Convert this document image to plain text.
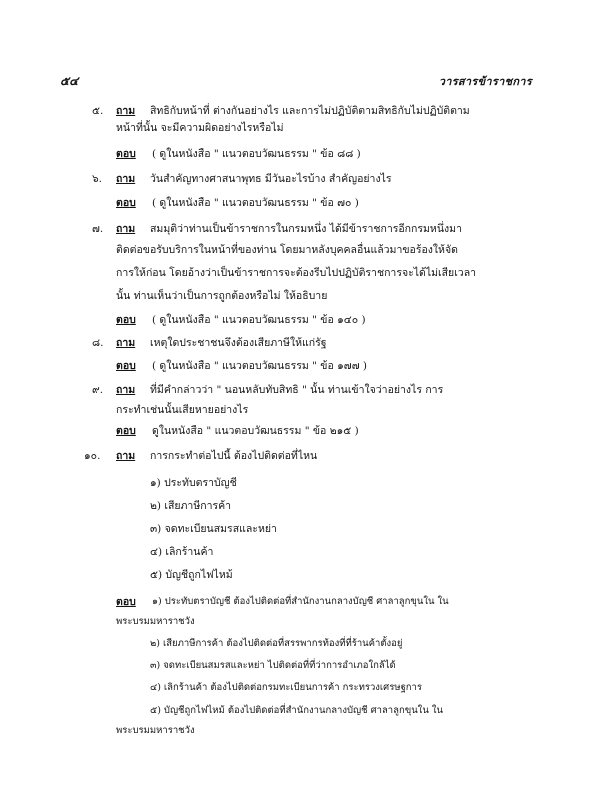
๕๔	วารสารข้าราชการ
๕. ถาม สิทธิกับหน้าที่ ต่างกันอย่างไร และการไม่ปฏิบัติตามสิทธิกับไม่ปฏิบัติตาม
หน้าที่นั้น จะมีความผิดอย่างไรหรือไม่
ตอบ ( ดูในหนังสือ " แนวตอบวัฒนธรรม " ข้อ ๘๘ )
๖. ถาม วันสำคัญทางศาสนาพุทธ มีวันอะไรบ้าง สำคัญอย่างไร
ตอบ ( ดูในหนังสือ " แนวตอบวัฒนธรรม " ข้อ ๗๐ )
๗. ถาม สมมุติว่าท่านเป็นข้าราชการในกรมหนึ่ง ได้มีข้าราชการอีกกรมหนึ่งมา
ติดต่อขอรับบริการในหน้าที่ของท่าน โดยมาหลังบุคคลอื่นแล้วมาขอร้องให้จัด
การให้ก่อน โดยอ้างว่าเป็นข้าราชการจะต้องรีบไปปฏิบัติราชการจะได้ไม่เสียเวลา
นั้น ท่านเห็นว่าเป็นการถูกต้องหรือไม่ ให้อธิบาย
ตอบ ( ดูในหนังสือ " แนวตอบวัฒนธรรม " ข้อ ๑๔๐ )
๘. ถาม เหตุใดประชาชนจึงต้องเสียภาษีให้แก่รัฐ
ตอบ ( ดูในหนังสือ " แนวตอบวัฒนธรรม " ข้อ ๑๗๗ )
๙. ถาม ที่มีคำกล่าวว่า " นอนหลับทับสิทธิ " นั้น ท่านเข้าใจว่าอย่างไร การ
กระทำเช่นนั้นเสียหายอย่างไร
ตอบ ดูในหนังสือ " แนวตอบวัฒนธรรม " ข้อ ๒๑๕ )
๑๐. ถาม การกระทำต่อไปนี้ ต้องไปติดต่อที่ไหน
๑) ประทับตราบัญชี
๒) เสียภาษีการค้า
๓) จดทะเบียนสมรสและหย่า
๔) เลิกร้านค้า
๕) บัญชีถูกไฟไหม้
ตอบ ๑) ประทับตราบัญชี ต้องไปติดต่อที่สำนักงานกลางบัญชี ศาลาลูกขุนใน ใน
พระบรมมหาราชวัง
๒) เสียภาษีการค้า ต้องไปติดต่อที่สรรพากรท้องที่ที่ร้านค้าตั้งอยู่
๓) จดทะเบียนสมรสและหย่า ไปติดต่อที่ที่ว่าการอำเภอใกล้ได้
๔) เลิกร้านค้า ต้องไปติดต่อกรมทะเบียนการค้า กระทรวงเศรษฐการ
๕) บัญชีถูกไฟไหม้ ต้องไปติดต่อที่สำนักงานกลางบัญชี ศาลาลูกขุนใน ใน
พระบรมมหาราชวัง
